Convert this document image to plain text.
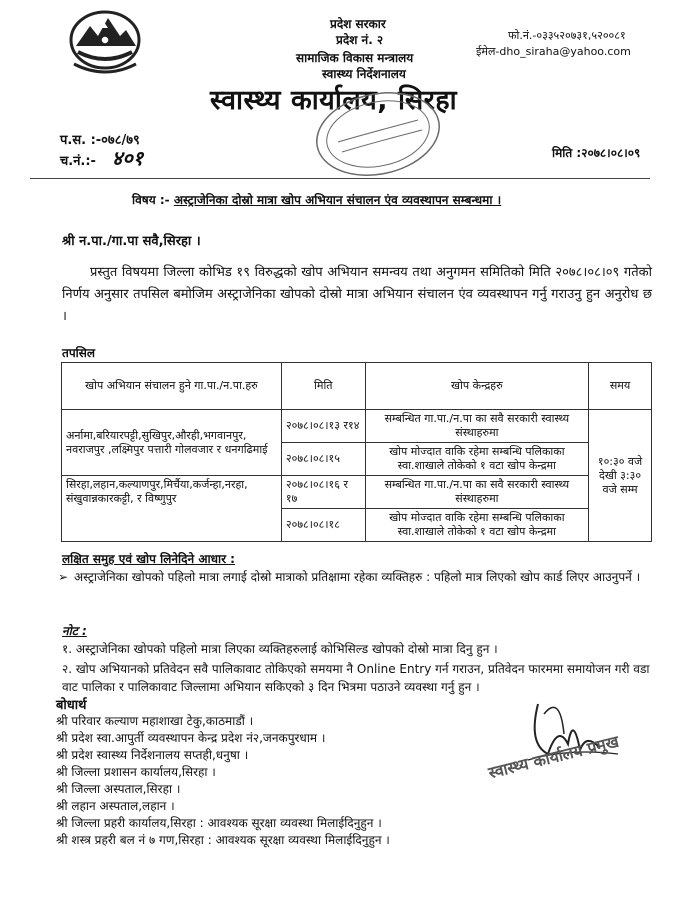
प्रदेश सरकार
प्रदेश नं. २
सामाजिक विकास मन्त्रालय
स्वास्थ्य निर्देशनालय
स्वास्थ्य कार्यालय, सिरहा
फो.नं.-०३३५२०७३१,५२००८१
ईमेल-dho_siraha@yahoo.com
प.स. :-०७८/७९
च.नं.:- ४०१	मिति :२०७८।०८।०९
विषय :- अस्ट्राजेनिका दोस्रो मात्रा खोप अभियान संचालन एंव व्यवस्थापन सम्बन्धमा ।
श्री न.पा./गा.पा सवै,सिरहा ।
प्रस्तुत विषयमा जिल्ला कोभिड १९ विरुद्धको खोप अभियान समन्वय तथा अनुगमन समितिको मिति २०७८।०८।०९ गतेको निर्णय अनुसार तपसिल बमोजिम अस्ट्राजेनिका खोपको दोस्रो मात्रा अभियान संचालन एंव व्यवस्थापन गर्नु गराउनु हुन अनुरोध छ ।
तपसिल
खोप अभियान संचालन हुने गा.पा./न.पा.हरु	मिति	खोप केन्द्रहरु	समय
अर्नामा,बरियारपट्टी,सुखिपुर,औरही,भगवानपुर, नवराजपुर ,लक्ष्मिपुर पत्तारी गोलवजार र धनगढिमाई	२०७८।०८।१३ र१४	सम्बन्धित गा.पा./न.पा का सवै सरकारी स्वास्थ्य संस्थाहरुमा	१०:३० वजे देखी ३:३० वजे सम्म
	२०७८।०८।१५	खोप मोज्दात वाकि रहेमा सम्बन्धि पलिकाका स्वा.शाखाले तोकेको १ वटा खोप केन्द्रमा	
सिरहा,लहान,कल्याणपुर,मिर्चैया,कर्जन्हा,नरहा, संखुवान्नकारकट्टी, र विष्णुपुर	२०७८।०८।१६ र १७	सम्बन्धित गा.पा./न.पा का सवै सरकारी स्वास्थ्य संस्थाहरुमा	
	२०७८।०८।१८	खोप मोज्दात वाकि रहेमा सम्बन्धि पलिकाका स्वा.शाखाले तोकेको १ वटा खोप केन्द्रमा	
लक्षित समुह एवं खोप लिनेदिने आधार :
➢ अस्ट्राजेनिका खोपको पहिलो मात्रा लगाई दोस्रो मात्राको प्रतिक्षामा रहेका व्यक्तिहरु : पहिलो मात्र लिएको खोप कार्ड लिएर आउनुपर्ने ।
नोट :
१. अस्ट्राजेनिका खोपको पहिलो मात्रा लिएका व्यक्तिहरुलाई कोभिसिल्ड खोपको दोस्रो मात्रा दिनु हुन ।
२. खोप अभियानको प्रतिवेदन सवै पालिकावाट तोकिएको समयमा नै Online Entry गर्न गराउन, प्रतिवेदन फारममा समायोजन गरी वडा वाट पालिका र पालिकावाट जिल्लामा अभियान सकिएको ३ दिन भित्रमा पठाउने व्यवस्था गर्नु हुन ।
बोधार्थ
श्री परिवार कल्याण महाशाखा टेकु,काठमाडौं ।
श्री प्रदेश स्वा.आपुर्ती व्यवस्थापन केन्द्र प्रदेश नं२,जनकपुरधाम ।
श्री प्रदेश स्वास्थ्य निर्देशनालय सप्तही,धनुषा ।
श्री जिल्ला प्रशासन कार्यालय,सिरहा ।
श्री जिल्ला अस्पताल,सिरहा ।
श्री लहान अस्पताल,लहान ।
श्री जिल्ला प्रहरी कार्यालय,सिरहा : आवश्यक सूरक्षा व्यवस्था मिलाईदिनुहुन ।
श्री शस्त्र प्रहरी बल नं ७ गण,सिरहा : आवश्यक सूरक्षा व्यवस्था मिलाईदिनुहुन ।
स्वास्थ्य कार्यालय प्रमुख
